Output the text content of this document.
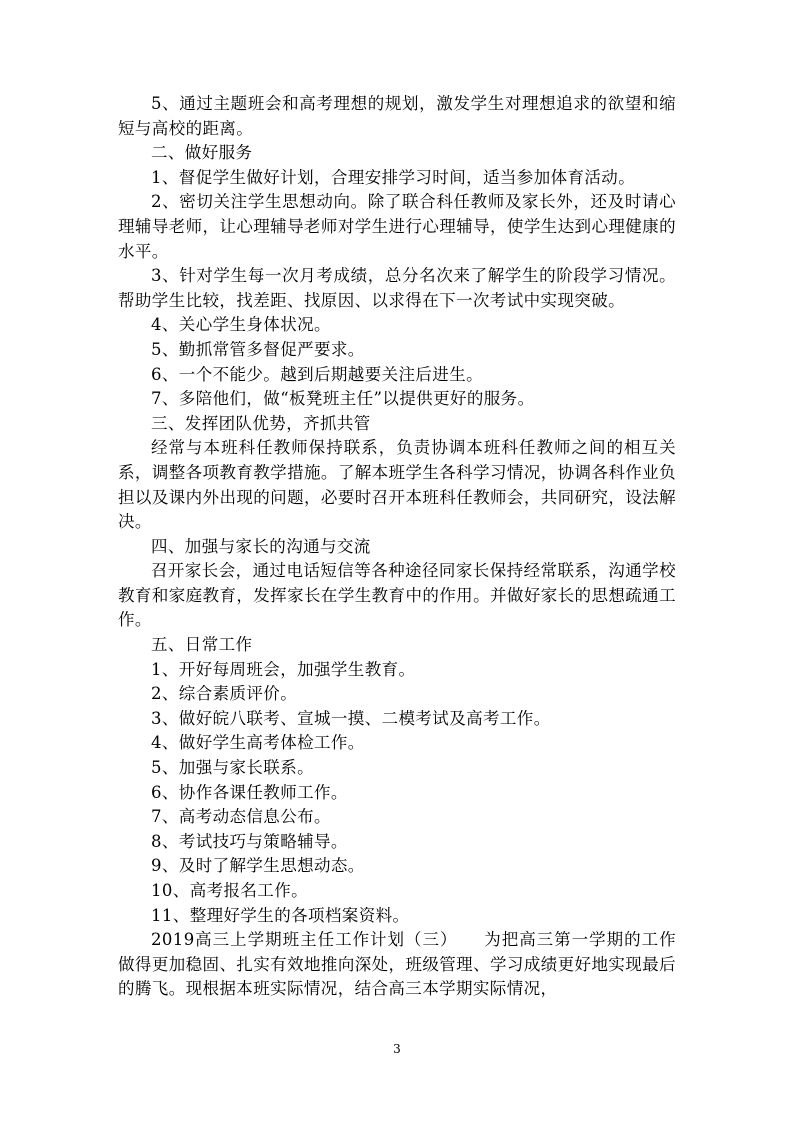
5、通过主题班会和高考理想的规划，激发学生对理想追求的欲望和缩短与高校的距离。

二、做好服务

1、督促学生做好计划，合理安排学习时间，适当参加体育活动。

2、密切关注学生思想动向。除了联合科任教师及家长外，还及时请心理辅导老师，让心理辅导老师对学生进行心理辅导，使学生达到心理健康的水平。

3、针对学生每一次月考成绩，总分名次来了解学生的阶段学习情况。帮助学生比较，找差距、找原因、以求得在下一次考试中实现突破。

4、关心学生身体状况。

5、勤抓常管多督促严要求。

6、一个不能少。越到后期越要关注后进生。

7、多陪他们，做“板凳班主任”以提供更好的服务。

三、发挥团队优势，齐抓共管

经常与本班科任教师保持联系，负责协调本班科任教师之间的相互关系，调整各项教育教学措施。了解本班学生各科学习情况，协调各科作业负担以及课内外出现的问题，必要时召开本班科任教师会，共同研究，设法解决。

四、加强与家长的沟通与交流

召开家长会，通过电话短信等各种途径同家长保持经常联系，沟通学校教育和家庭教育，发挥家长在学生教育中的作用。并做好家长的思想疏通工作。

五、日常工作

1、开好每周班会，加强学生教育。

2、综合素质评价。

3、做好皖八联考、宣城一摸、二模考试及高考工作。

4、做好学生高考体检工作。

5、加强与家长联系。

6、协作各课任教师工作。

7、高考动态信息公布。

8、考试技巧与策略辅导。

9、及时了解学生思想动态。

10、高考报名工作。

11、整理好学生的各项档案资料。

2019高三上学期班主任工作计划（三）　　为把高三第一学期的工作做得更加稳固、扎实有效地推向深处，班级管理、学习成绩更好地实现最后的腾飞。现根据本班实际情况，结合高三本学期实际情况，

3
